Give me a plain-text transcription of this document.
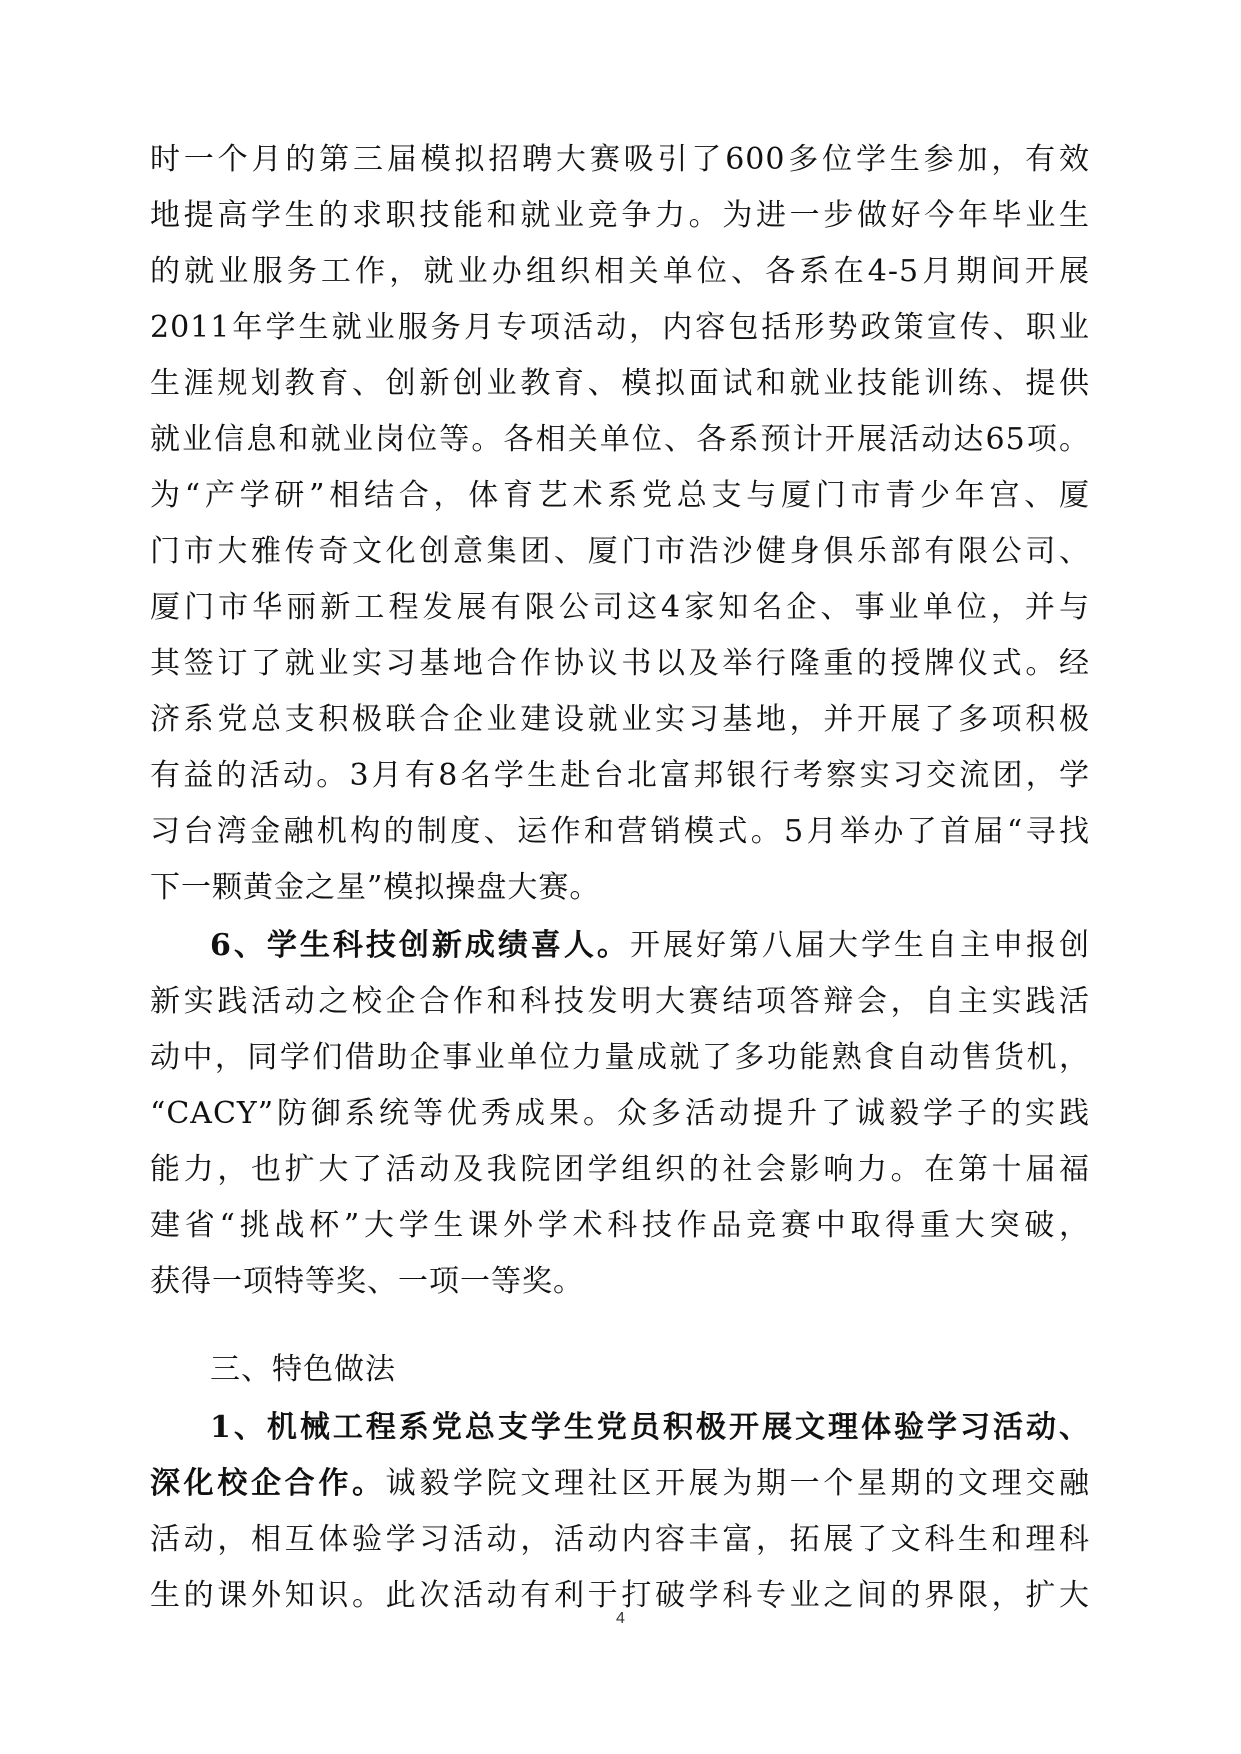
时一个月的第三届模拟招聘大赛吸引了600多位学生参加，有效
地提高学生的求职技能和就业竞争力。为进一步做好今年毕业生
的就业服务工作，就业办组织相关单位、各系在4-5月期间开展
2011年学生就业服务月专项活动，内容包括形势政策宣传、职业
生涯规划教育、创新创业教育、模拟面试和就业技能训练、提供
就业信息和就业岗位等。各相关单位、各系预计开展活动达65项。
为“产学研”相结合，体育艺术系党总支与厦门市青少年宫、厦
门市大雅传奇文化创意集团、厦门市浩沙健身俱乐部有限公司、
厦门市华丽新工程发展有限公司这4家知名企、事业单位，并与
其签订了就业实习基地合作协议书以及举行隆重的授牌仪式。经
济系党总支积极联合企业建设就业实习基地，并开展了多项积极
有益的活动。3月有8名学生赴台北富邦银行考察实习交流团，学
习台湾金融机构的制度、运作和营销模式。5月举办了首届“寻找
下一颗黄金之星”模拟操盘大赛。
6、学生科技创新成绩喜人。开展好第八届大学生自主申报创
新实践活动之校企合作和科技发明大赛结项答辩会，自主实践活
动中，同学们借助企事业单位力量成就了多功能熟食自动售货机，
“CACY”防御系统等优秀成果。众多活动提升了诚毅学子的实践
能力，也扩大了活动及我院团学组织的社会影响力。在第十届福
建省“挑战杯”大学生课外学术科技作品竞赛中取得重大突破，
获得一项特等奖、一项一等奖。
三、特色做法
1、机械工程系党总支学生党员积极开展文理体验学习活动、
深化校企合作。诚毅学院文理社区开展为期一个星期的文理交融
活动，相互体验学习活动，活动内容丰富，拓展了文科生和理科
生的课外知识。此次活动有利于打破学科专业之间的界限，扩大
4
